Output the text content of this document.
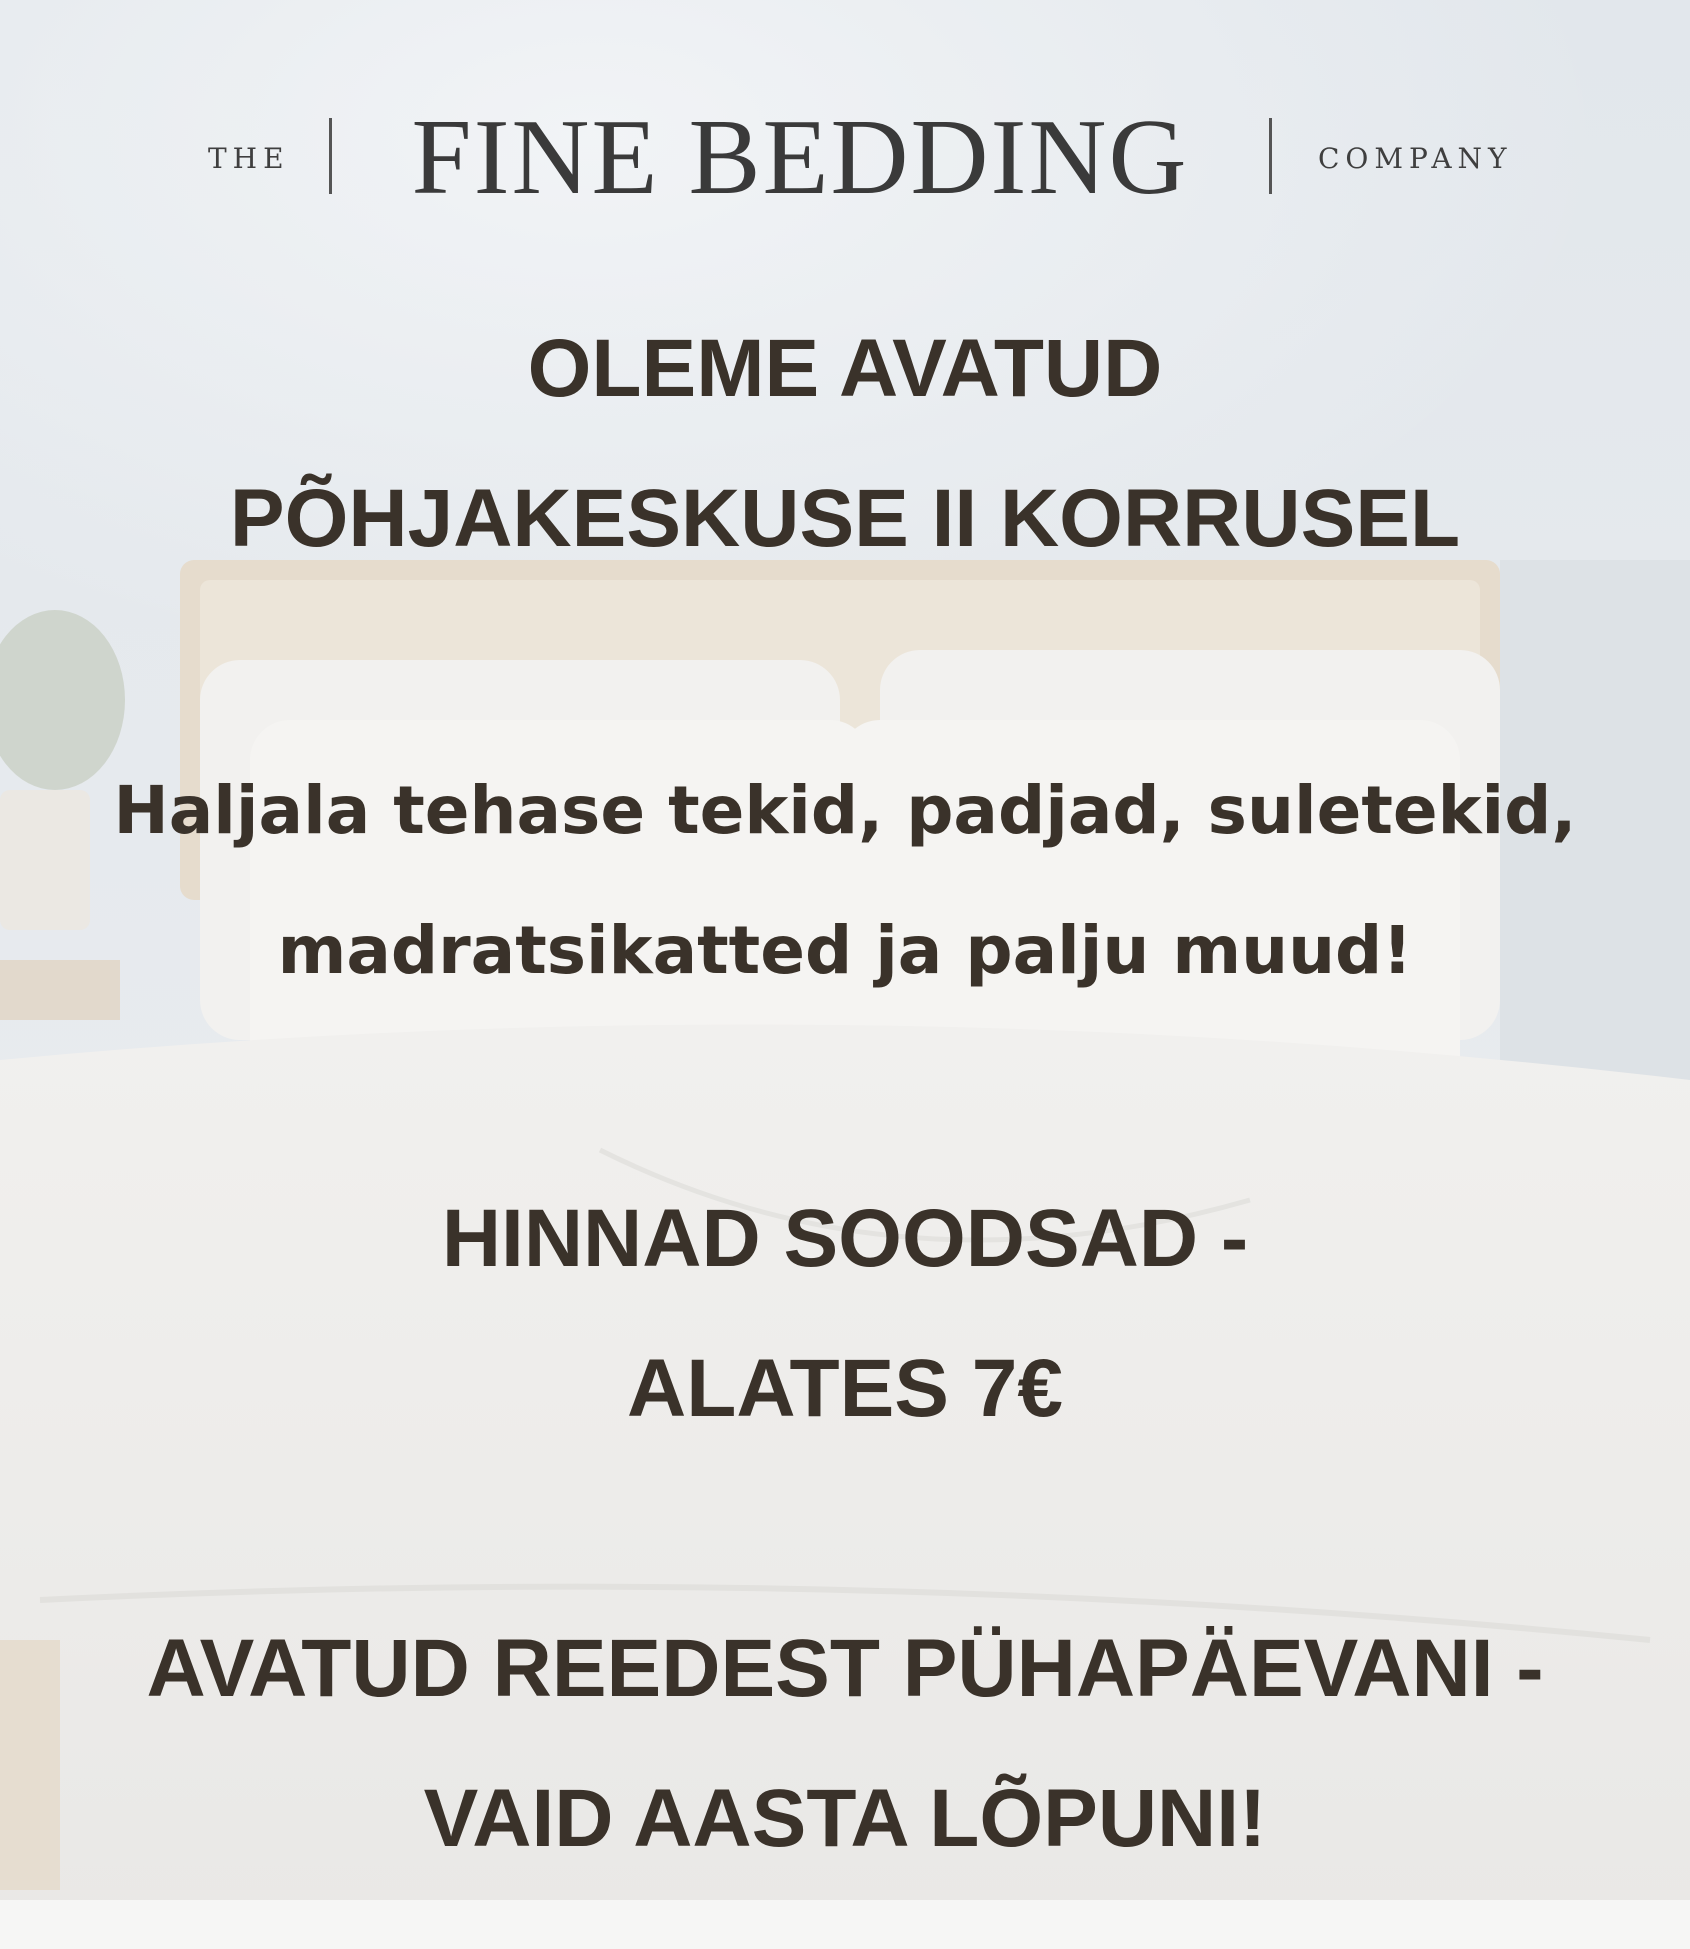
THE	FINE BEDDING	COMPANY
OLEME AVATUD
PÕHJAKESKUSE II KORRUSEL
Haljala tehase tekid, padjad, suletekid,
madratsikatted ja palju muud!
HINNAD SOODSAD -
ALATES 7€
AVATUD REEDEST PÜHAPÄEVANI -
VAID AASTA LÕPUNI!
